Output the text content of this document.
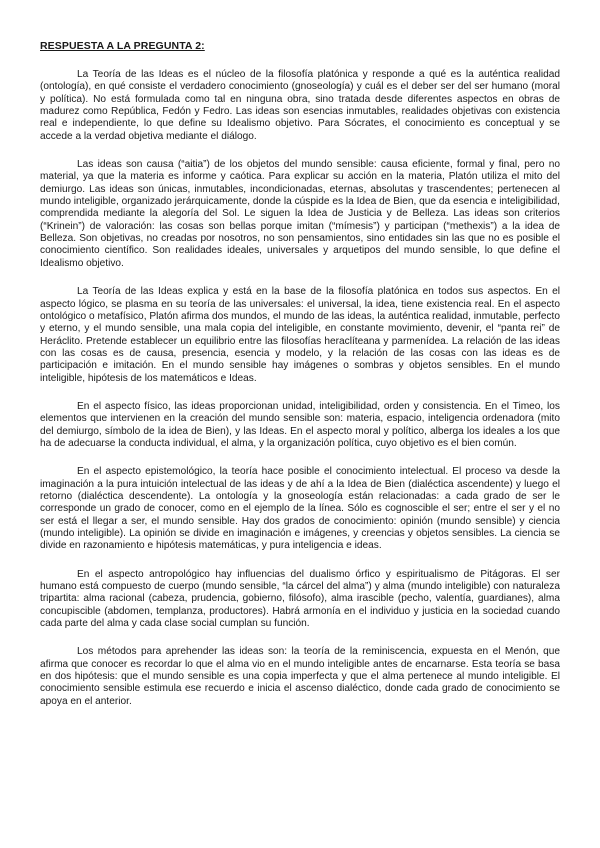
RESPUESTA A LA PREGUNTA 2:

La Teoría de las Ideas es el núcleo de la filosofía platónica y responde a qué es la auténtica realidad (ontología), en qué consiste el verdadero conocimiento (gnoseología) y cuál es el deber ser del ser humano (moral y política). No está formulada como tal en ninguna obra, sino tratada desde diferentes aspectos en obras de madurez como República, Fedón y Fedro. Las ideas son esencias inmutables, realidades objetivas con existencia real e independiente, lo que define su Idealismo objetivo. Para Sócrates, el conocimiento es conceptual y se accede a la verdad objetiva mediante el diálogo.

Las ideas son causa (“aitia”) de los objetos del mundo sensible: causa eficiente, formal y final, pero no material, ya que la materia es informe y caótica. Para explicar su acción en la materia, Platón utiliza el mito del demiurgo. Las ideas son únicas, inmutables, incondicionadas, eternas, absolutas y trascendentes; pertenecen al mundo inteligible, organizado jerárquicamente, donde la cúspide es la Idea de Bien, que da esencia e inteligibilidad, comprendida mediante la alegoría del Sol. Le siguen la Idea de Justicia y de Belleza. Las ideas son criterios (“Krinein”) de valoración: las cosas son bellas porque imitan (“mímesis”) y participan (“methexis”) a la idea de Belleza. Son objetivas, no creadas por nosotros, no son pensamientos, sino entidades sin las que no es posible el conocimiento científico. Son realidades ideales, universales y arquetipos del mundo sensible, lo que define el Idealismo objetivo.

La Teoría de las Ideas explica y está en la base de la filosofía platónica en todos sus aspectos. En el aspecto lógico, se plasma en su teoría de las universales: el universal, la idea, tiene existencia real. En el aspecto ontológico o metafísico, Platón afirma dos mundos, el mundo de las ideas, la auténtica realidad, inmutable, perfecto y eterno, y el mundo sensible, una mala copia del inteligible, en constante movimiento, devenir, el “panta rei” de Heráclito. Pretende establecer un equilibrio entre las filosofías heraclíteana y parmenídea. La relación de las ideas con las cosas es de causa, presencia, esencia y modelo, y la relación de las cosas con las ideas es de participación e imitación. En el mundo sensible hay imágenes o sombras y objetos sensibles. En el mundo inteligible, hipótesis de los matemáticos e Ideas.

En el aspecto físico, las ideas proporcionan unidad, inteligibilidad, orden y consistencia. En el Timeo, los elementos que intervienen en la creación del mundo sensible son: materia, espacio, inteligencia ordenadora (mito del demiurgo, símbolo de la idea de Bien), y las Ideas. En el aspecto moral y político, alberga los ideales a los que ha de adecuarse la conducta individual, el alma, y la organización política, cuyo objetivo es el bien común.

En el aspecto epistemológico, la teoría hace posible el conocimiento intelectual. El proceso va desde la imaginación a la pura intuición intelectual de las ideas y de ahí a la Idea de Bien (dialéctica ascendente) y luego el retorno (dialéctica descendente). La ontología y la gnoseología están relacionadas: a cada grado de ser le corresponde un grado de conocer, como en el ejemplo de la línea. Sólo es cognoscible el ser; entre el ser y el no ser está el llegar a ser, el mundo sensible. Hay dos grados de conocimiento: opinión (mundo sensible) y ciencia (mundo inteligible). La opinión se divide en imaginación e imágenes, y creencias y objetos sensibles. La ciencia se divide en razonamiento e hipótesis matemáticas, y pura inteligencia e ideas.

En el aspecto antropológico hay influencias del dualismo órfico y espiritualismo de Pitágoras. El ser humano está compuesto de cuerpo (mundo sensible, “la cárcel del alma”) y alma (mundo inteligible) con naturaleza tripartita: alma racional (cabeza, prudencia, gobierno, filósofo), alma irascible (pecho, valentía, guardianes), alma concupiscible (abdomen, templanza, productores). Habrá armonía en el individuo y justicia en la sociedad cuando cada parte del alma y cada clase social cumplan su función.

Los métodos para aprehender las ideas son: la teoría de la reminiscencia, expuesta en el Menón, que afirma que conocer es recordar lo que el alma vio en el mundo inteligible antes de encarnarse. Esta teoría se basa en dos hipótesis: que el mundo sensible es una copia imperfecta y que el alma pertenece al mundo inteligible. El conocimiento sensible estimula ese recuerdo e inicia el ascenso dialéctico, donde cada grado de conocimiento se apoya en el anterior.
